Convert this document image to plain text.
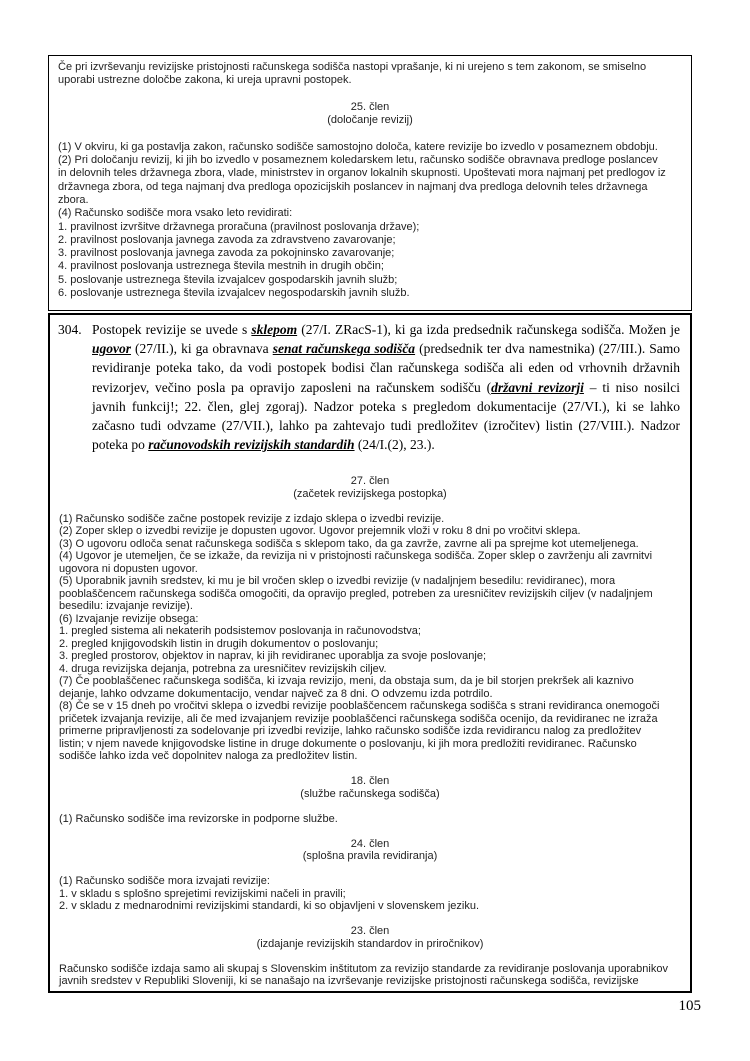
Če pri izvrševanju revizijske pristojnosti računskega sodišča nastopi vprašanje, ki ni urejeno s tem zakonom, se smiselno
uporabi ustrezne določbe zakona, ki ureja upravni postopek.

25. člen
(določanje revizij)

(1) V okviru, ki ga postavlja zakon, računsko sodišče samostojno določa, katere revizije bo izvedlo v posameznem obdobju.
(2) Pri določanju revizij, ki jih bo izvedlo v posameznem koledarskem letu, računsko sodišče obravnava predloge poslancev
in delovnih teles državnega zbora, vlade, ministrstev in organov lokalnih skupnosti. Upoštevati mora najmanj pet predlogov iz
državnega zbora, od tega najmanj dva predloga opozicijskih poslancev in najmanj dva predloga delovnih teles državnega
zbora.
(4) Računsko sodišče mora vsako leto revidirati:
1. pravilnost izvršitve državnega proračuna (pravilnost poslovanja države);
2. pravilnost poslovanja javnega zavoda za zdravstveno zavarovanje;
3. pravilnost poslovanja javnega zavoda za pokojninsko zavarovanje;
4. pravilnost poslovanja ustreznega števila mestnih in drugih občin;
5. poslovanje ustreznega števila izvajalcev gospodarskih javnih služb;
6. poslovanje ustreznega števila izvajalcev negospodarskih javnih služb.
304. Postopek revizije se uvede s sklepom (27/I. ZRacS-1), ki ga izda predsednik računskega sodišča. Možen je ugovor (27/II.), ki ga obravnava senat računskega sodišča (predsednik ter dva namestnika) (27/III.). Samo revidiranje poteka tako, da vodi postopek bodisi član računskega sodišča ali eden od vrhovnih državnih revizorjev, večino posla pa opravijo zaposleni na računskem sodišču (državni revizorji – ti niso nosilci javnih funkcij!; 22. člen, glej zgoraj). Nadzor poteka s pregledom dokumentacije (27/VI.), ki se lahko začasno tudi odvzame (27/VII.), lahko pa zahtevajo tudi predložitev (izročitev) listin (27/VIII.). Nadzor poteka po računovodskih revizijskih standardih (24/I.(2), 23.).
27. člen
(začetek revizijskega postopka)

(1) Računsko sodišče začne postopek revizije z izdajo sklepa o izvedbi revizije.
(2) Zoper sklep o izvedbi revizije je dopusten ugovor. Ugovor prejemnik vloži v roku 8 dni po vročitvi sklepa.
(3) O ugovoru odloča senat računskega sodišča s sklepom tako, da ga zavrže, zavrne ali pa sprejme kot utemeljenega.
(4) Ugovor je utemeljen, če se izkaže, da revizija ni v pristojnosti računskega sodišča. Zoper sklep o zavrženju ali zavrnitvi
ugovora ni dopusten ugovor.
(5) Uporabnik javnih sredstev, ki mu je bil vročen sklep o izvedbi revizije (v nadaljnjem besedilu: revidiranec), mora
pooblaščencem računskega sodišča omogočiti, da opravijo pregled, potreben za uresničitev revizijskih ciljev (v nadaljnjem
besedilu: izvajanje revizije).
(6) Izvajanje revizije obsega:
1. pregled sistema ali nekaterih podsistemov poslovanja in računovodstva;
2. pregled knjigovodskih listin in drugih dokumentov o poslovanju;
3. pregled prostorov, objektov in naprav, ki jih revidiranec uporablja za svoje poslovanje;
4. druga revizijska dejanja, potrebna za uresničitev revizijskih ciljev.
(7) Če pooblaščenec računskega sodišča, ki izvaja revizijo, meni, da obstaja sum, da je bil storjen prekršek ali kaznivo
dejanje, lahko odvzame dokumentacijo, vendar največ za 8 dni. O odvzemu izda potrdilo.
(8) Če se v 15 dneh po vročitvi sklepa o izvedbi revizije pooblaščencem računskega sodišča s strani revidiranca onemogoči
pričetek izvajanja revizije, ali če med izvajanjem revizije pooblaščenci računskega sodišča ocenijo, da revidiranec ne izraža
primerne pripravljenosti za sodelovanje pri izvedbi revizije, lahko računsko sodišče izda revidirancu nalog za predložitev
listin; v njem navede knjigovodske listine in druge dokumente o poslovanju, ki jih mora predložiti revidiranec. Računsko
sodišče lahko izda več dopolnitev naloga za predložitev listin.

18. člen
(službe računskega sodišča)

(1) Računsko sodišče ima revizorske in podporne službe.

24. člen
(splošna pravila revidiranja)

(1) Računsko sodišče mora izvajati revizije:
1. v skladu s splošno sprejetimi revizijskimi načeli in pravili;
2. v skladu z mednarodnimi revizijskimi standardi, ki so objavljeni v slovenskem jeziku.

23. člen
(izdajanje revizijskih standardov in priročnikov)

Računsko sodišče izdaja samo ali skupaj s Slovenskim inštitutom za revizijo standarde za revidiranje poslovanja uporabnikov
javnih sredstev v Republiki Sloveniji, ki se nanašajo na izvrševanje revizijske pristojnosti računskega sodišča, revizijske
105
